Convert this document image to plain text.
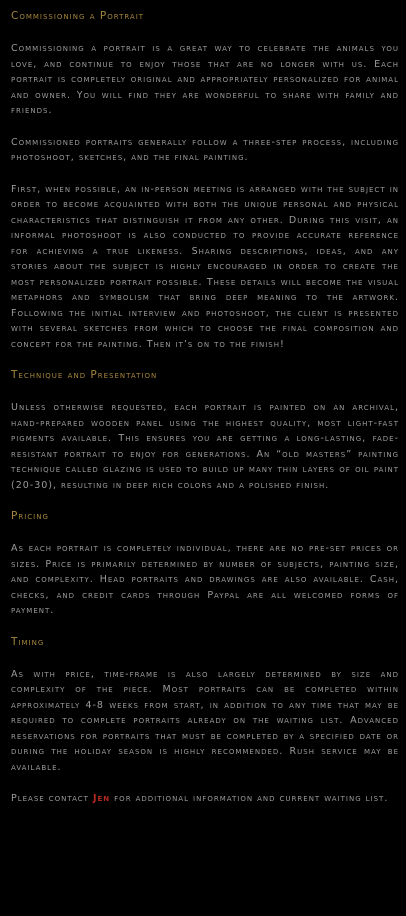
Commissioning a Portrait

Commissioning a portrait is a great way to celebrate the animals you love, and continue to enjoy those that are no longer with us. Each portrait is completely original and appropriately personalized for animal and owner. You will find they are wonderful to share with family and friends.

Commissioned portraits generally follow a three-step process, including photoshoot, sketches, and the final painting.

First, when possible, an in-person meeting is arranged with the subject in order to become acquainted with both the unique personal and physical characteristics that distinguish it from any other. During this visit, an informal photoshoot is also conducted to provide accurate reference for achieving a true likeness. Sharing descriptions, ideas, and any stories about the subject is highly encouraged in order to create the most personalized portrait possible. These details will become the visual metaphors and symbolism that bring deep meaning to the artwork. Following the initial interview and photoshoot, the client is presented with several sketches from which to choose the final composition and concept for the painting. Then it’s on to the finish!

Technique and Presentation

Unless otherwise requested, each portrait is painted on an archival, hand-prepared wooden panel using the highest quality, most light-fast pigments available. This ensures you are getting a long-lasting, fade-resistant portrait to enjoy for generations. An “old masters” painting technique called glazing is used to build up many thin layers of oil paint (20-30), resulting in deep rich colors and a polished finish.

Pricing

As each portrait is completely individual, there are no pre-set prices or sizes. Price is primarily determined by number of subjects, painting size, and complexity. Head portraits and drawings are also available. Cash, checks, and credit cards through Paypal are all welcomed forms of payment.

Timing

As with price, time-frame is also largely determined by size and complexity of the piece. Most portraits can be completed within approximately 4-8 weeks from start, in addition to any time that may be required to complete portraits already on the waiting list. Advanced reservations for portraits that must be completed by a specified date or during the holiday season is highly recommended. Rush service may be available.

Please contact Jen for additional information and current waiting list.
